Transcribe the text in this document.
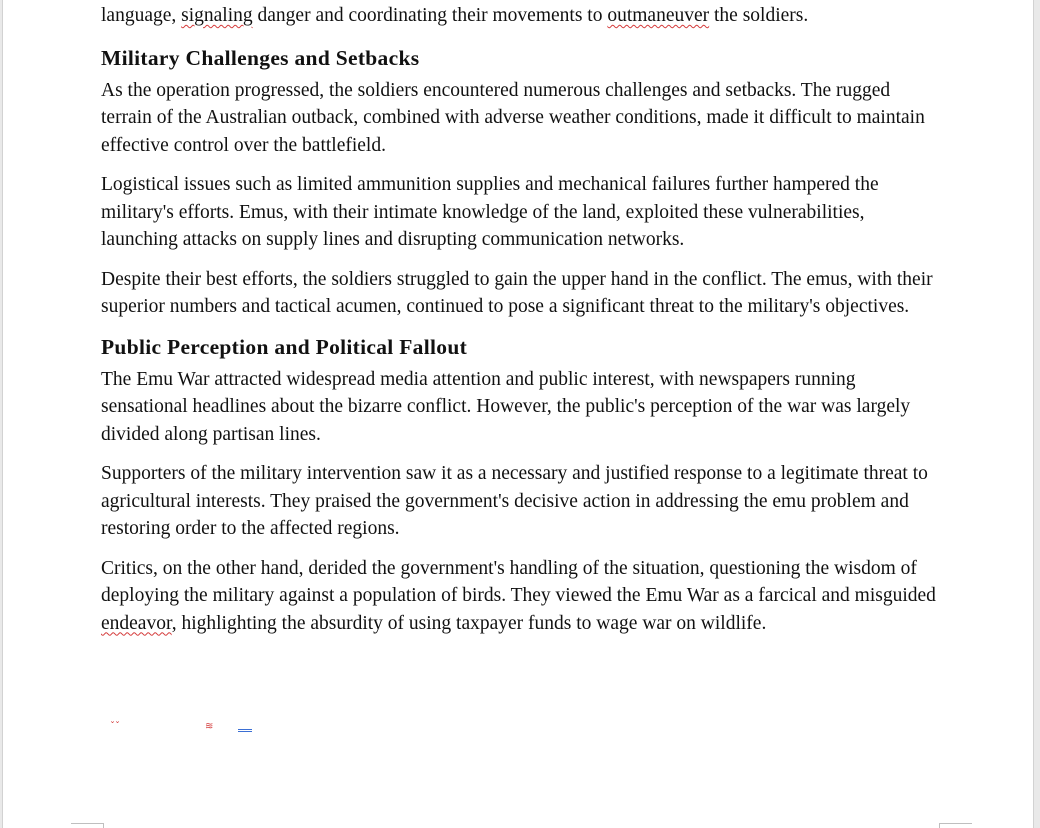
language, signaling danger and coordinating their movements to outmaneuver the soldiers.

Military Challenges and Setbacks

As the operation progressed, the soldiers encountered numerous challenges and setbacks. The rugged terrain of the Australian outback, combined with adverse weather conditions, made it difficult to maintain effective control over the battlefield.

Logistical issues such as limited ammunition supplies and mechanical failures further hampered the military's efforts. Emus, with their intimate knowledge of the land, exploited these vulnerabilities, launching attacks on supply lines and disrupting communication networks.

Despite their best efforts, the soldiers struggled to gain the upper hand in the conflict. The emus, with their superior numbers and tactical acumen, continued to pose a significant threat to the military's objectives.

Public Perception and Political Fallout

The Emu War attracted widespread media attention and public interest, with newspapers running sensational headlines about the bizarre conflict. However, the public's perception of the war was largely divided along partisan lines.

Supporters of the military intervention saw it as a necessary and justified response to a legitimate threat to agricultural interests. They praised the government's decisive action in addressing the emu problem and restoring order to the affected regions.

Critics, on the other hand, derided the government's handling of the situation, questioning the wisdom of deploying the military against a population of birds. They viewed the Emu War as a farcical and misguided endeavor, highlighting the absurdity of using taxpayer funds to wage war on wildlife.

ˇˇ	≋
